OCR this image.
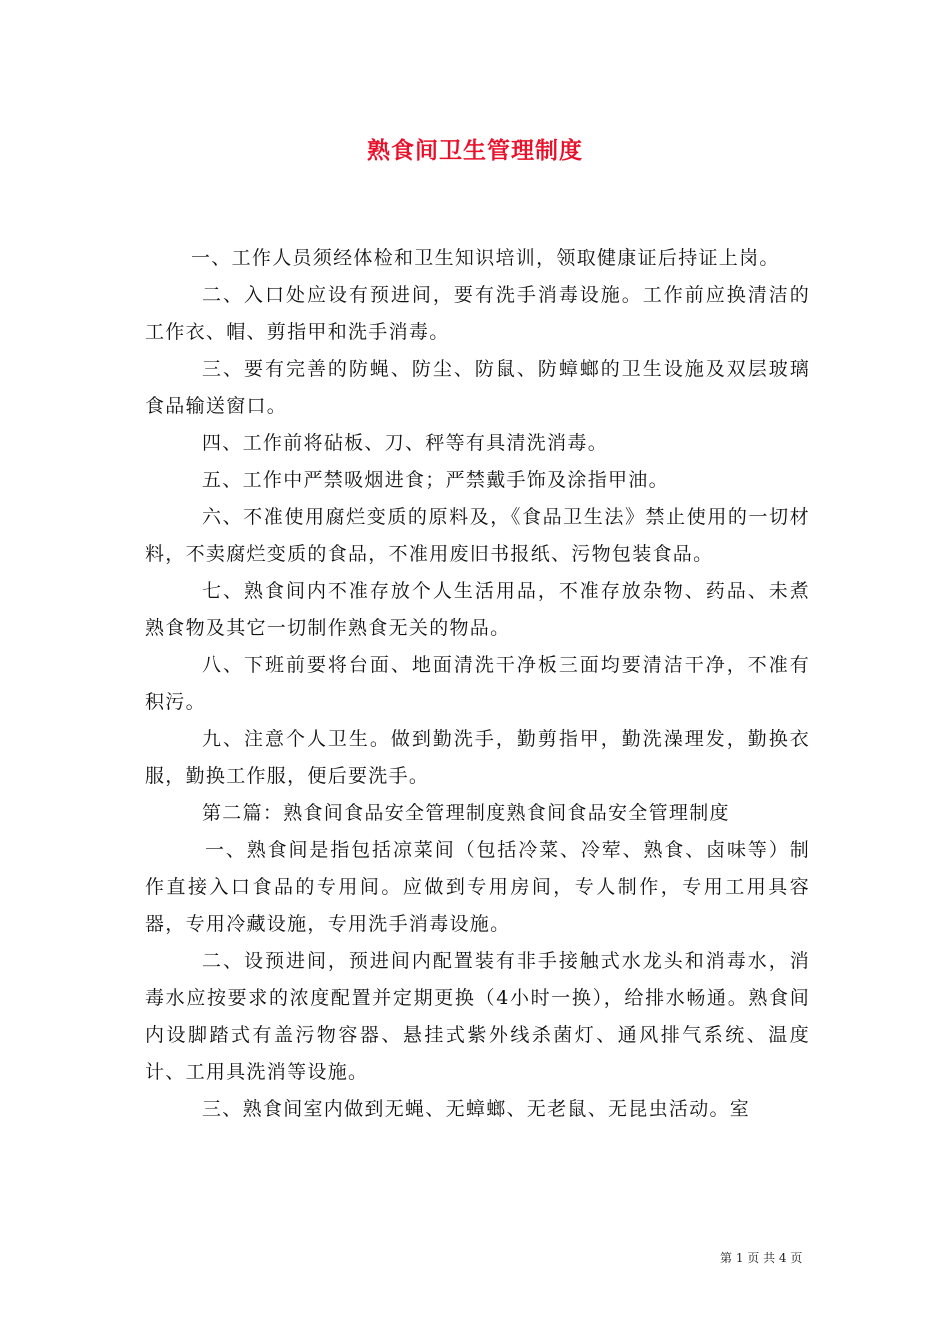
熟食间卫生管理制度

一、工作人员须经体检和卫生知识培训，领取健康证后持证上岗。

二、入口处应设有预进间，要有洗手消毒设施。工作前应换清洁的工作衣、帽、剪指甲和洗手消毒。

三、要有完善的防蝇、防尘、防鼠、防蟑螂的卫生设施及双层玻璃食品输送窗口。

四、工作前将砧板、刀、秤等有具清洗消毒。

五、工作中严禁吸烟进食；严禁戴手饰及涂指甲油。

六、不准使用腐烂变质的原料及，《食品卫生法》禁止使用的一切材料，不卖腐烂变质的食品，不准用废旧书报纸、污物包装食品。

七、熟食间内不准存放个人生活用品，不准存放杂物、药品、未煮熟食物及其它一切制作熟食无关的物品。

八、下班前要将台面、地面清洗干净板三面均要清洁干净，不准有积污。

九、注意个人卫生。做到勤洗手，勤剪指甲，勤洗澡理发，勤换衣服，勤换工作服，便后要洗手。

第二篇：熟食间食品安全管理制度熟食间食品安全管理制度

一、熟食间是指包括凉菜间（包括冷菜、冷荤、熟食、卤味等）制作直接入口食品的专用间。应做到专用房间，专人制作，专用工用具容器，专用冷藏设施，专用洗手消毒设施。

二、设预进间，预进间内配置装有非手接触式水龙头和消毒水，消毒水应按要求的浓度配置并定期更换（4小时一换），给排水畅通。熟食间内设脚踏式有盖污物容器、悬挂式紫外线杀菌灯、通风排气系统、温度计、工用具洗消等设施。

三、熟食间室内做到无蝇、无蟑螂、无老鼠、无昆虫活动。室

第 1 页 共 4 页
